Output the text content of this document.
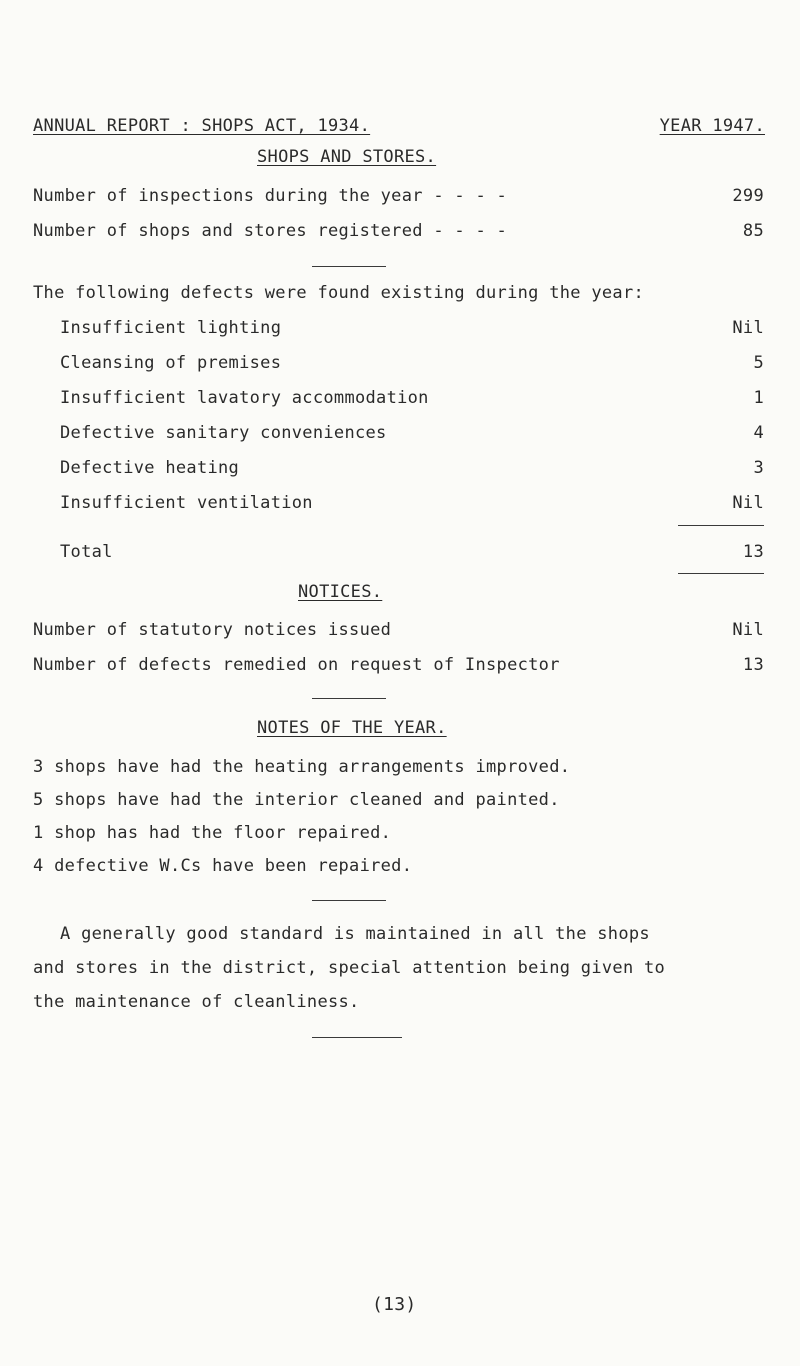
ANNUAL REPORT : SHOPS ACT, 1934.	YEAR 1947.
SHOPS AND STORES.
Number of inspections during the year - - - -	299
Number of shops and stores registered - - - -	85
The following defects were found existing during the year:
Insufficient lighting	Nil
Cleansing of premises	5
Insufficient lavatory accommodation	1
Defective sanitary conveniences	4
Defective heating	3
Insufficient ventilation	Nil
Total	13
NOTICES.
Number of statutory notices issued	Nil
Number of defects remedied on request of Inspector	13
NOTES OF THE YEAR.
3 shops have had the heating arrangements improved.
5 shops have had the interior cleaned and painted.
1 shop has had the floor repaired.
4 defective W.Cs have been repaired.
A generally good standard is maintained in all the shops
and stores in the district, special attention being given to
the maintenance of cleanliness.
(13)
